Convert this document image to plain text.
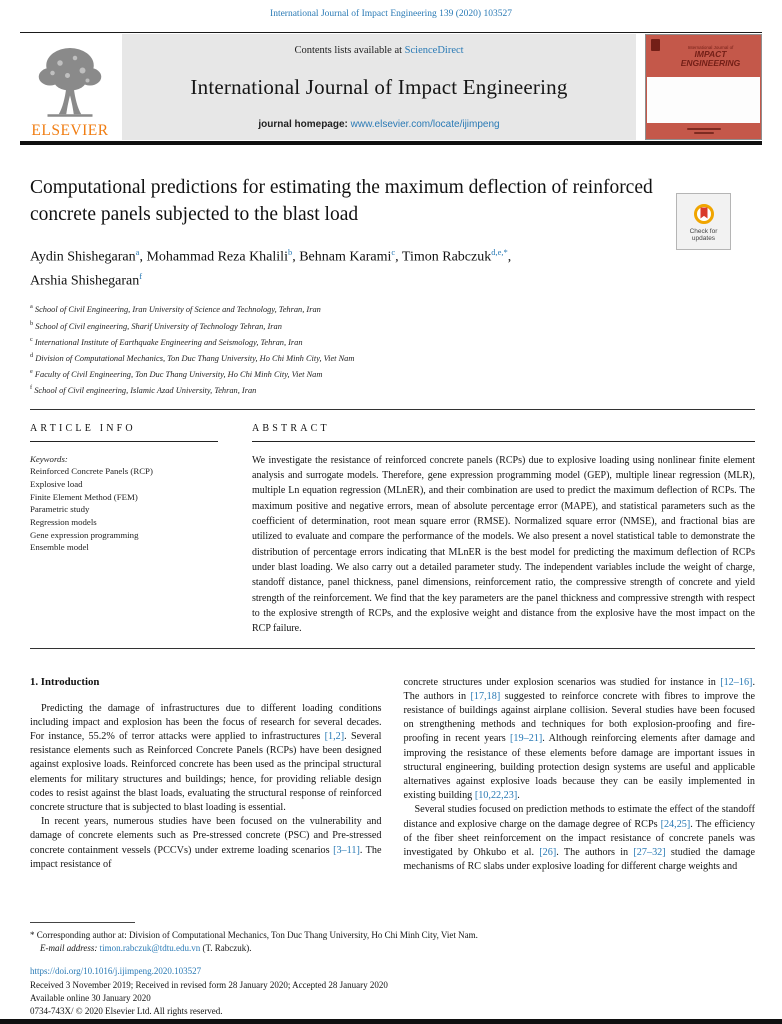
International Journal of Impact Engineering 139 (2020) 103527
ELSEVIER
Contents lists available at ScienceDirect
International Journal of Impact Engineering
journal homepage: www.elsevier.com/locate/ijimpeng
International Journal of
IMPACT
ENGINEERING
Computational predictions for estimating the maximum deflection of reinforced concrete panels subjected to the blast load
Check for updates
Aydin Shishegaran$^a$, Mohammad Reza Khalili$^b$, Behnam Karami$^c$, Timon Rabczuk$^{d,e,*}$,
Arshia Shishegaran$^f$
$^a$ School of Civil Engineering, Iran University of Science and Technology, Tehran, Iran
$^b$ School of Civil engineering, Sharif University of Technology Tehran, Iran
$^c$ International Institute of Earthquake Engineering and Seismology, Tehran, Iran
$^d$ Division of Computational Mechanics, Ton Duc Thang University, Ho Chi Minh City, Viet Nam
$^e$ Faculty of Civil Engineering, Ton Duc Thang University, Ho Chi Minh City, Viet Nam
$^f$ School of Civil engineering, Islamic Azad University, Tehran, Iran
ARTICLE INFO
Keywords:
Reinforced Concrete Panels (RCP)
Explosive load
Finite Element Method (FEM)
Parametric study
Regression models
Gene expression programming
Ensemble model
ABSTRACT
We investigate the resistance of reinforced concrete panels (RCPs) due to explosive loading using nonlinear finite element analysis and surrogate models. Therefore, gene expression programming model (GEP), multiple linear regression (MLR), multiple Ln equation regression (MLnER), and their combination are used to predict the maximum deflection of RCPs. The maximum positive and negative errors, mean of absolute percentage error (MAPE), and statistical parameters such as the coefficient of determination, root mean square error (RMSE). Normalized square error (NMSE), and fractional bias are utilized to evaluate and compare the performance of the models. We also present a novel statistical table to demonstrate the distribution of percentage errors indicating that MLnER is the best model for predicting the maximum deflection of RCPs under blast loading. We also carry out a detailed parameter study. The independent variables include the weight of charge, standoff distance, panel thickness, panel dimensions, reinforcement ratio, the compressive strength of concrete and yield strength of the reinforcement. We find that the key parameters are the panel thickness and compressive strength with respect to the explosive strength of RCPs, and the explosive weight and distance from the explosive have the most impact on the RCP failure.
1. Introduction

Predicting the damage of infrastructures due to different loading conditions including impact and explosion has been the focus of research for several decades. For instance, 55.2% of terror attacks were applied to infrastructures [1,2]. Several resistance elements such as Reinforced Concrete Panels (RCPs) have been designed against explosive loads. Reinforced concrete has been used as the principal structural elements for military structures and buildings; hence, for providing reliable design codes to resist against the blast loads, evaluating the structural response of reinforced concrete structure that is subjected to blast loading is essential.

In recent years, numerous studies have been focused on the vulnerability and damage of concrete elements such as Pre-stressed concrete (PSC) and Pre-stressed concrete containment vessels (PCCVs) under extreme loading scenarios [3–11]. The impact resistance of

concrete structures under explosion scenarios was studied for instance in [12–16]. The authors in [17,18] suggested to reinforce concrete with fibres to improve the resistance of buildings against airplane collision. Several studies have been focused on strengthening methods and techniques for both explosion-proofing and fire-proofing in recent years [19–21]. Although reinforcing elements after damage and improving the resistance of these elements before damage are important issues in structural engineering, building protection design systems are useful and applicable alternatives against explosive loads because they can be easily implemented in existing building [10,22,23].

Several studies focused on prediction methods to estimate the effect of the standoff distance and explosive charge on the damage degree of RCPs [24,25]. The efficiency of the fiber sheet reinforcement on the impact resistance of concrete panels was investigated by Ohkubo et al. [26]. The authors in [27–32] studied the damage mechanisms of RC slabs under explosive loading for different charge weights and

* Corresponding author at: Division of Computational Mechanics, Ton Duc Thang University, Ho Chi Minh City, Viet Nam.
E-mail address: timon.rabczuk@tdtu.edu.vn (T. Rabczuk).
https://doi.org/10.1016/j.ijimpeng.2020.103527
Received 3 November 2019; Received in revised form 28 January 2020; Accepted 28 January 2020
Available online 30 January 2020
0734-743X/ © 2020 Elsevier Ltd. All rights reserved.
